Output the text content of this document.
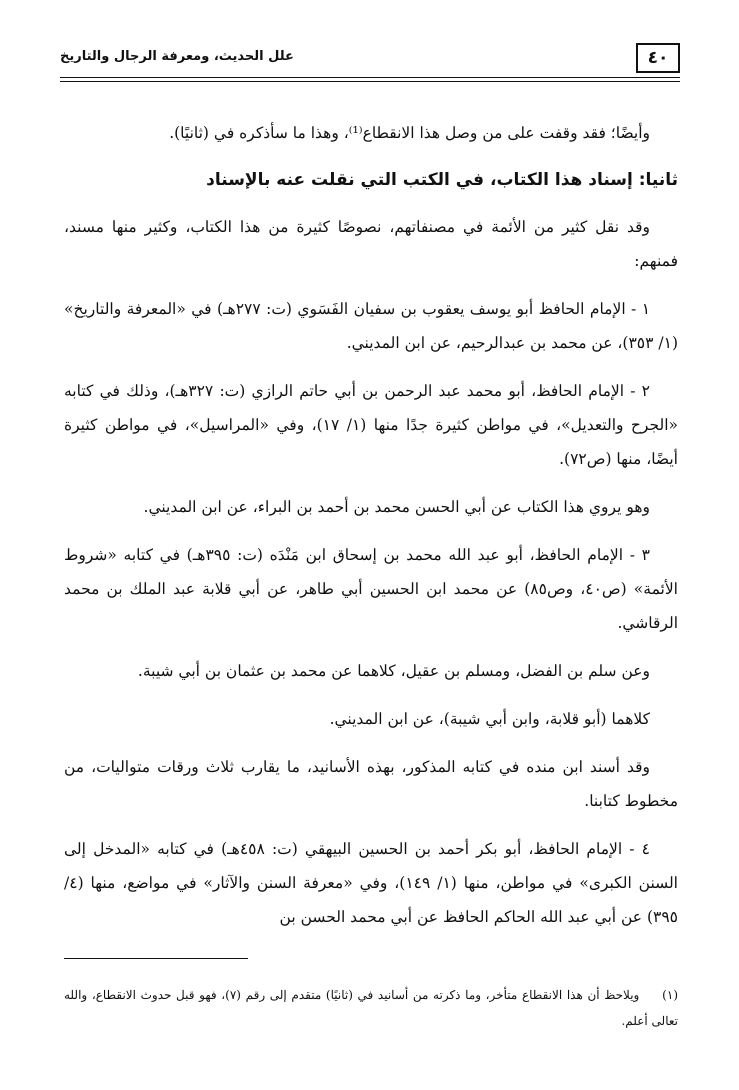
٤٠
علل الحديث، ومعرفة الرجال والتاريخ

وأيضًا؛ فقد وقفت على من وصل هذا الانقطاع⁽¹⁾، وهذا ما سأذكره في (ثانيًا).

ثانيا: إسناد هذا الكتاب، في الكتب التي نقلت عنه بالإسناد

وقد نقل كثير من الأئمة في مصنفاتهم، نصوصًا كثيرة من هذا الكتاب، وكثير منها مسند، فمنهم:

١ - الإمام الحافظ أبو يوسف يعقوب بن سفيان الفَسَوي (ت: ٢٧٧هـ) في «المعرفة والتاريخ» (١/ ٣٥٣)، عن محمد بن عبدالرحيم، عن ابن المديني.

٢ - الإمام الحافظ، أبو محمد عبد الرحمن بن أبي حاتم الرازي (ت: ٣٢٧هـ)، وذلك في كتابه «الجرح والتعديل»، في مواطن كثيرة جدًا منها (١/ ١٧)، وفي «المراسيل»، في مواطن كثيرة أيضًا، منها (ص٧٢).

وهو يروي هذا الكتاب عن أبي الحسن محمد بن أحمد بن البراء، عن ابن المديني.

٣ - الإمام الحافظ، أبو عبد الله محمد بن إسحاق ابن مَنْدَه (ت: ٣٩٥هـ) في كتابه «شروط الأئمة» (ص٤٠، وص٨٥) عن محمد ابن الحسين أبي طاهر، عن أبي قلابة عبد الملك بن محمد الرقاشي.

وعن سلم بن الفضل، ومسلم بن عقيل، كلاهما عن محمد بن عثمان بن أبي شيبة.

كلاهما (أبو قلابة، وابن أبي شيبة)، عن ابن المديني.

وقد أسند ابن منده في كتابه المذكور، بهذه الأسانيد، ما يقارب ثلاث ورقات متواليات، من مخطوط كتابنا.

٤ - الإمام الحافظ، أبو بكر أحمد بن الحسين البيهقي (ت: ٤٥٨هـ) في كتابه «المدخل إلى السنن الكبرى» في مواطن، منها (١/ ١٤٩)، وفي «معرفة السنن والآثار» في مواضع، منها (٤/ ٣٩٥) عن أبي عبد الله الحاكم الحافظ عن أبي محمد الحسن بن

(١) ويلاحظ أن هذا الانقطاع متأخر، وما ذكرته من أسانيد في (ثانيًا) متقدم إلى رقم (٧)، فهو قبل حدوث الانقطاع، والله تعالى أعلم.
